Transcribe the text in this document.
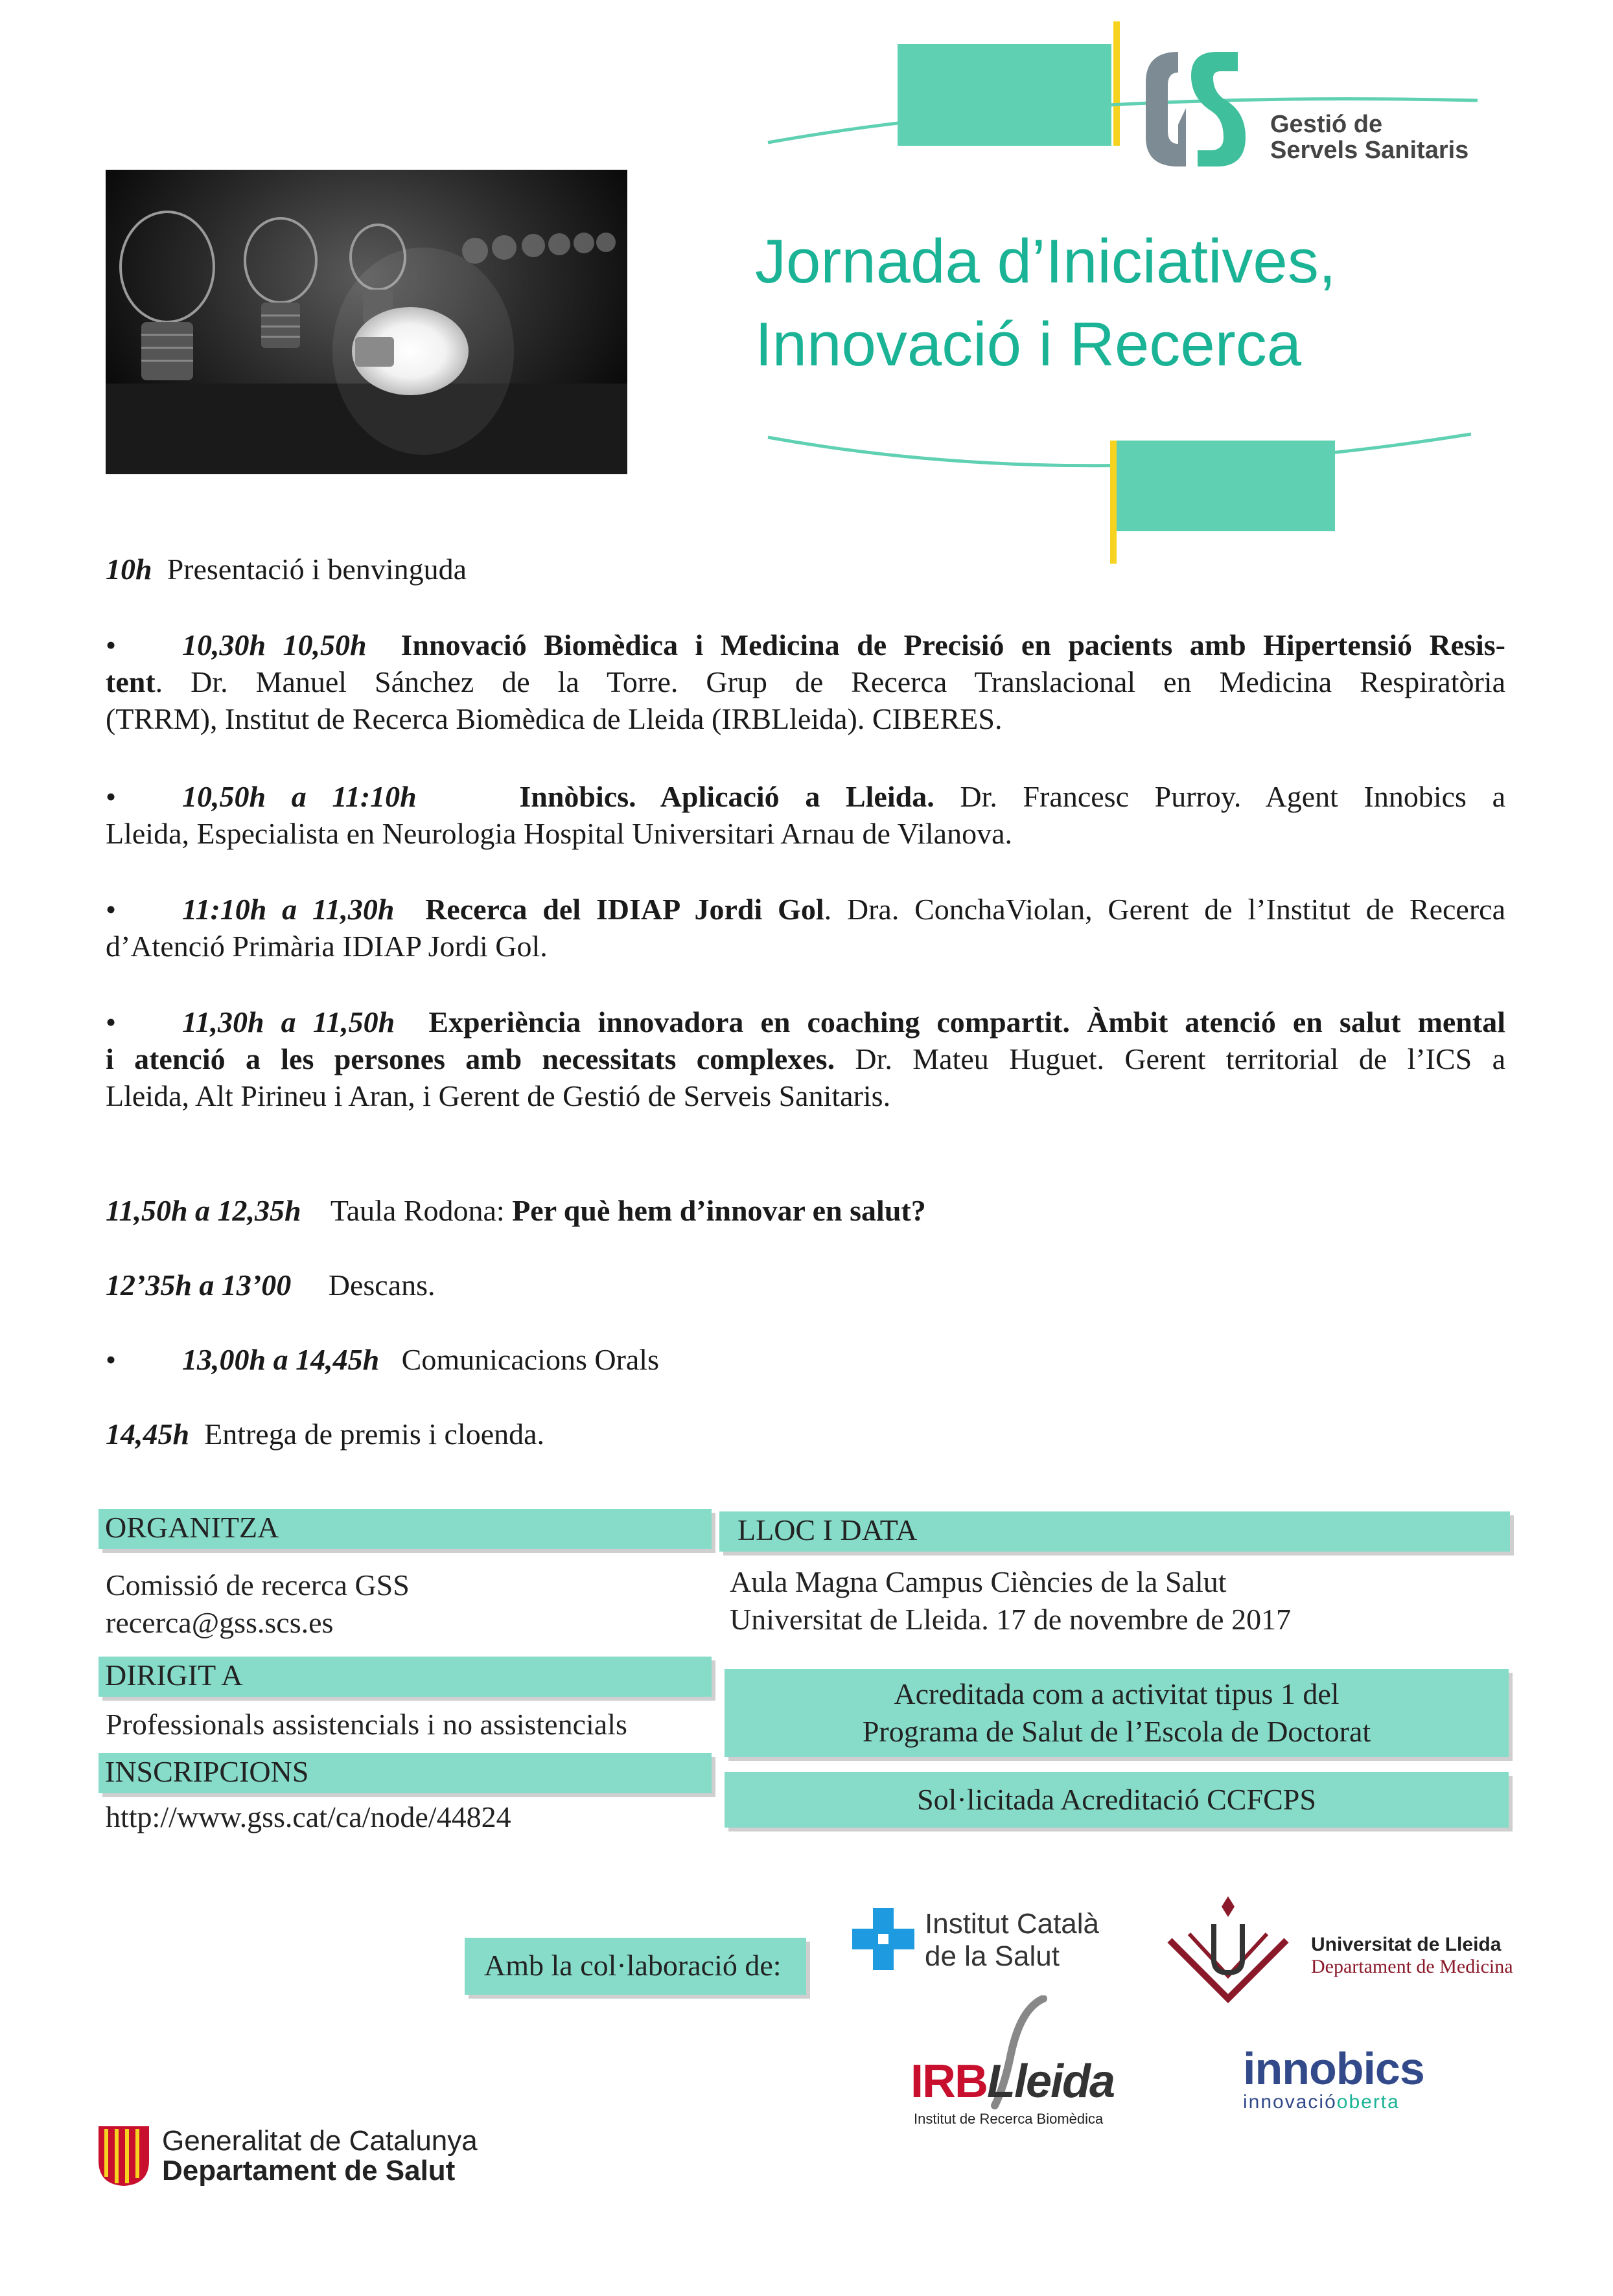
Gestió de
Servels Sanitaris
Jornada d’Iniciatives,
Innovació i Recerca
10h Presentació i benvinguda
•	10,30h 10,50h Innovació Biomèdica i Medicina de Precisió en pacients amb Hipertensió Resis-
tent. Dr. Manuel Sánchez de la Torre. Grup de Recerca Translacional en Medicina Respiratòria
(TRRM), Institut de Recerca Biomèdica de Lleida (IRBLleida). CIBERES.
•	10,50h a 11:10h	Innòbics. Aplicació a Lleida. Dr. Francesc Purroy. Agent Innobics a
Lleida, Especialista en Neurologia Hospital Universitari Arnau de Vilanova.
•	11:10h a 11,30h Recerca del IDIAP Jordi Gol. Dra. ConchaViolan, Gerent de l’Institut de Recerca
d’Atenció Primària IDIAP Jordi Gol.
•	11,30h a 11,50h Experiència innovadora en coaching compartit. Àmbit atenció en salut mental
i atenció a les persones amb necessitats complexes. Dr. Mateu Huguet. Gerent territorial de l’ICS a
Lleida, Alt Pirineu i Aran, i Gerent de Gestió de Serveis Sanitaris.
11,50h a 12,35h Taula Rodona: Per què hem d’innovar en salut?
12’35h a 13’00 Descans.
• 13,00h a 14,45h Comunicacions Orals
14,45h Entrega de premis i cloenda.
ORGANITZA
Comissió de recerca GSS
recerca@gss.scs.es
DIRIGIT A
Professionals assistencials i no assistencials
INSCRIPCIONS
http://www.gss.cat/ca/node/44824
LLOC I DATA
Aula Magna Campus Ciències de la Salut
Universitat de Lleida. 17 de novembre de 2017
Acreditada com a activitat tipus 1 del
Programa de Salut de l’Escola de Doctorat
Sol·licitada Acreditació CCFCPS
Amb la col·laboració de:
Institut Català
de la Salut	Universitat de Lleida
Departament de Medicina
IRBLleida
Institut de Recerca Biomèdica
innobics
innovacióoberta
Generalitat de Catalunya
Departament de Salut
